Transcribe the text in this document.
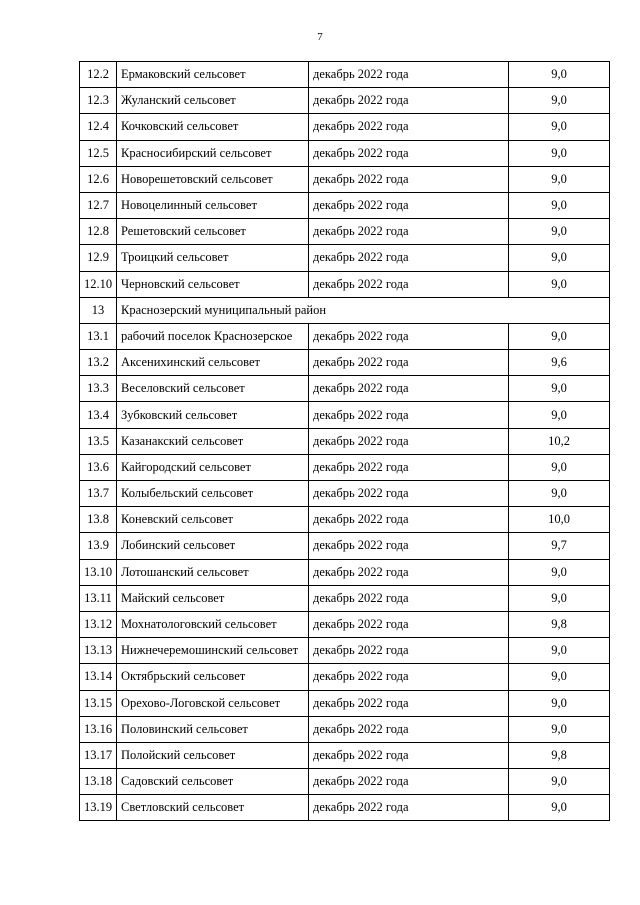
7
12.2	Ермаковский сельсовет	декабрь 2022 года	9,0
12.3	Жуланский сельсовет	декабрь 2022 года	9,0
12.4	Кочковский сельсовет	декабрь 2022 года	9,0
12.5	Красносибирский сельсовет	декабрь 2022 года	9,0
12.6	Новорешетовский сельсовет	декабрь 2022 года	9,0
12.7	Новоцелинный сельсовет	декабрь 2022 года	9,0
12.8	Решетовский сельсовет	декабрь 2022 года	9,0
12.9	Троицкий сельсовет	декабрь 2022 года	9,0
12.10	Черновский сельсовет	декабрь 2022 года	9,0
13	Краснозерский муниципальный район		
13.1	рабочий поселок Краснозерское	декабрь 2022 года	9,0
13.2	Аксенихинский сельсовет	декабрь 2022 года	9,6
13.3	Веселовский сельсовет	декабрь 2022 года	9,0
13.4	Зубковский сельсовет	декабрь 2022 года	9,0
13.5	Казанакский сельсовет	декабрь 2022 года	10,2
13.6	Кайгородский сельсовет	декабрь 2022 года	9,0
13.7	Колыбельский сельсовет	декабрь 2022 года	9,0
13.8	Коневский сельсовет	декабрь 2022 года	10,0
13.9	Лобинский сельсовет	декабрь 2022 года	9,7
13.10	Лотошанский сельсовет	декабрь 2022 года	9,0
13.11	Майский сельсовет	декабрь 2022 года	9,0
13.12	Мохнатологовский сельсовет	декабрь 2022 года	9,8
13.13	Нижнечеремошинский сельсовет	декабрь 2022 года	9,0
13.14	Октябрьский сельсовет	декабрь 2022 года	9,0
13.15	Орехово-Логовской сельсовет	декабрь 2022 года	9,0
13.16	Половинский сельсовет	декабрь 2022 года	9,0
13.17	Полойский сельсовет	декабрь 2022 года	9,8
13.18	Садовский сельсовет	декабрь 2022 года	9,0
13.19	Светловский сельсовет	декабрь 2022 года	9,0
